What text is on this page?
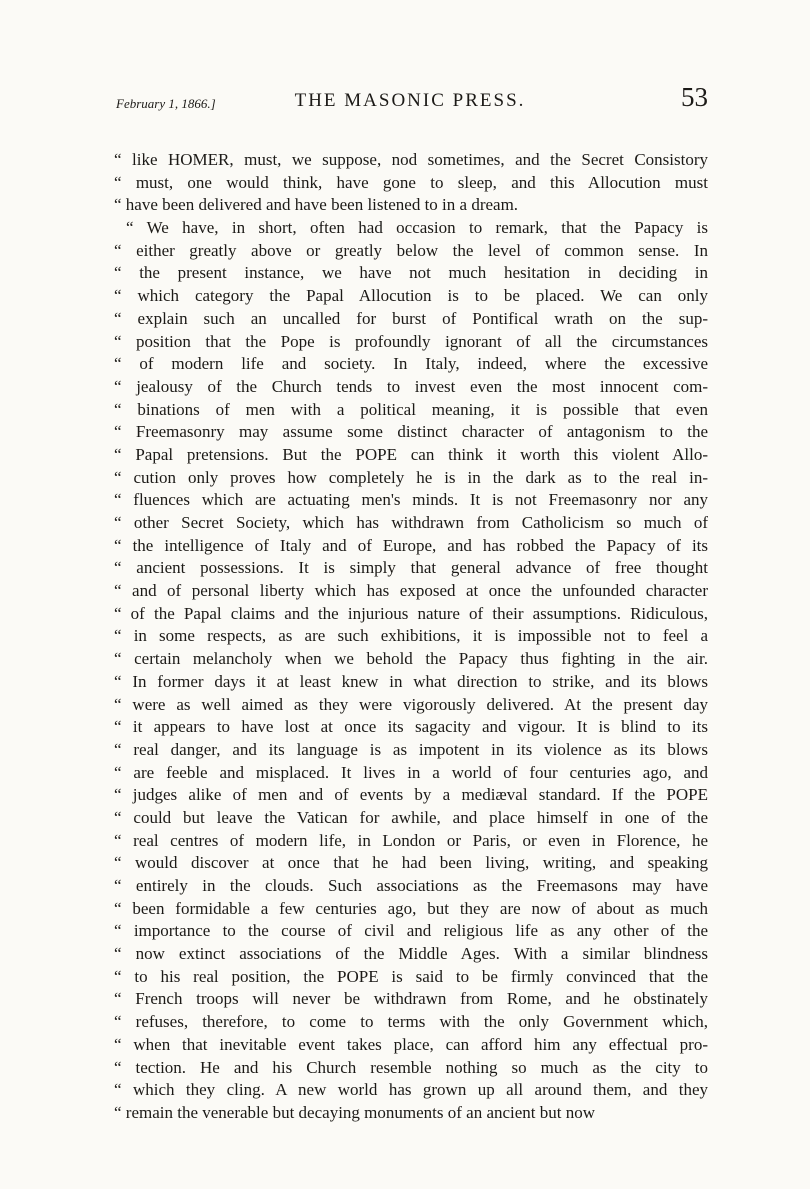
February 1, 1866.]	THE MASONIC PRESS.	53
“ like HOMER, must, we suppose, nod sometimes, and the Secret Consistory
“ must, one would think, have gone to sleep, and this Allocution must
“ have been delivered and have been listened to in a dream.
“ We have, in short, often had occasion to remark, that the Papacy is
“ either greatly above or greatly below the level of common sense. In
“ the present instance, we have not much hesitation in deciding in
“ which category the Papal Allocution is to be placed. We can only
“ explain such an uncalled for burst of Pontifical wrath on the sup-
“ position that the Pope is profoundly ignorant of all the circumstances
“ of modern life and society. In Italy, indeed, where the excessive
“ jealousy of the Church tends to invest even the most innocent com-
“ binations of men with a political meaning, it is possible that even
“ Freemasonry may assume some distinct character of antagonism to the
“ Papal pretensions. But the POPE can think it worth this violent Allo-
“ cution only proves how completely he is in the dark as to the real in-
“ fluences which are actuating men's minds. It is not Freemasonry nor any
“ other Secret Society, which has withdrawn from Catholicism so much of
“ the intelligence of Italy and of Europe, and has robbed the Papacy of its
“ ancient possessions. It is simply that general advance of free thought
“ and of personal liberty which has exposed at once the unfounded character
“ of the Papal claims and the injurious nature of their assumptions. Ridiculous,
“ in some respects, as are such exhibitions, it is impossible not to feel a
“ certain melancholy when we behold the Papacy thus fighting in the air.
“ In former days it at least knew in what direction to strike, and its blows
“ were as well aimed as they were vigorously delivered. At the present day
“ it appears to have lost at once its sagacity and vigour. It is blind to its
“ real danger, and its language is as impotent in its violence as its blows
“ are feeble and misplaced. It lives in a world of four centuries ago, and
“ judges alike of men and of events by a mediæval standard. If the POPE
“ could but leave the Vatican for awhile, and place himself in one of the
“ real centres of modern life, in London or Paris, or even in Florence, he
“ would discover at once that he had been living, writing, and speaking
“ entirely in the clouds. Such associations as the Freemasons may have
“ been formidable a few centuries ago, but they are now of about as much
“ importance to the course of civil and religious life as any other of the
“ now extinct associations of the Middle Ages. With a similar blindness
“ to his real position, the POPE is said to be firmly convinced that the
“ French troops will never be withdrawn from Rome, and he obstinately
“ refuses, therefore, to come to terms with the only Government which,
“ when that inevitable event takes place, can afford him any effectual pro-
“ tection. He and his Church resemble nothing so much as the city to
“ which they cling. A new world has grown up all around them, and they
“ remain the venerable but decaying monuments of an ancient but now
